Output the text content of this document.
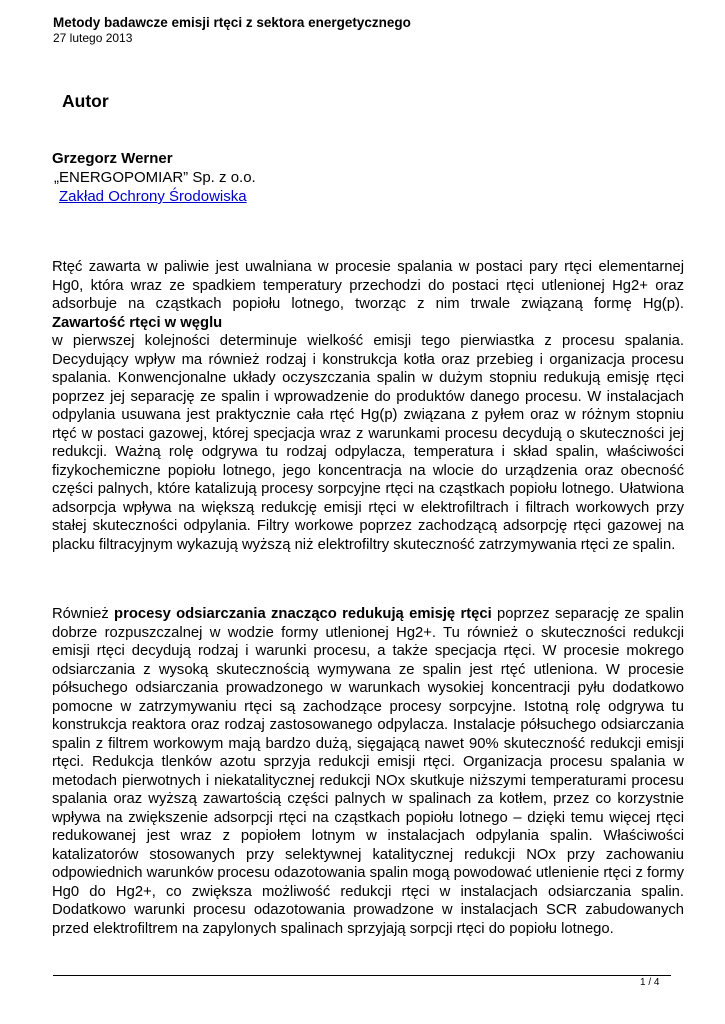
Metody badawcze emisji rtęci z sektora energetycznego
27 lutego 2013
Autor
Grzegorz Werner
„ENERGOPOMIAR” Sp. z o.o.
Zakład Ochrony Środowiska
Rtęć zawarta w paliwie jest uwalniana w procesie spalania w postaci pary rtęci elementarnej Hg0, która wraz ze spadkiem temperatury przechodzi do postaci rtęci utlenionej Hg2+ oraz adsorbuje na cząstkach popiołu lotnego, tworząc z nim trwale związaną formę Hg(p). Zawartość rtęci w węglu
w pierwszej kolejności determinuje wielkość emisji tego pierwiastka z procesu spalania. Decydujący wpływ ma również rodzaj i konstrukcja kotła oraz przebieg i organizacja procesu spalania. Konwencjonalne układy oczyszczania spalin w dużym stopniu redukują emisję rtęci poprzez jej separację ze spalin i wprowadzenie do produktów danego procesu. W instalacjach odpylania usuwana jest praktycznie cała rtęć Hg(p) związana z pyłem oraz w różnym stopniu rtęć w postaci gazowej, której specjacja wraz z warunkami procesu decydują o skuteczności jej redukcji. Ważną rolę odgrywa tu rodzaj odpylacza, temperatura i skład spalin, właściwości fizykochemiczne popiołu lotnego, jego koncentracja na wlocie do urządzenia oraz obecność części palnych, które katalizują procesy sorpcyjne rtęci na cząstkach popiołu lotnego. Ułatwiona adsorpcja wpływa na większą redukcję emisji rtęci w elektrofiltrach i filtrach workowych przy stałej skuteczności odpylania. Filtry workowe poprzez zachodzącą adsorpcję rtęci gazowej na placku filtracyjnym wykazują wyższą niż elektrofiltry skuteczność zatrzymywania rtęci ze spalin.
Również procesy odsiarczania znacząco redukują emisję rtęci poprzez separację ze spalin dobrze rozpuszczalnej w wodzie formy utlenionej Hg2+. Tu również o skuteczności redukcji emisji rtęci decydują rodzaj i warunki procesu, a także specjacja rtęci. W procesie mokrego odsiarczania z wysoką skutecznością wymywana ze spalin jest rtęć utleniona. W procesie półsuchego odsiarczania prowadzonego w warunkach wysokiej koncentracji pyłu dodatkowo pomocne w zatrzymywaniu rtęci są zachodzące procesy sorpcyjne. Istotną rolę odgrywa tu konstrukcja reaktora oraz rodzaj zastosowanego odpylacza. Instalacje półsuchego odsiarczania spalin z filtrem workowym mają bardzo dużą, sięgającą nawet 90% skuteczność redukcji emisji rtęci. Redukcja tlenków azotu sprzyja redukcji emisji rtęci. Organizacja procesu spalania w metodach pierwotnych i niekatalitycznej redukcji NOx skutkuje niższymi temperaturami procesu spalania oraz wyższą zawartością części palnych w spalinach za kotłem, przez co korzystnie wpływa na zwiększenie adsorpcji rtęci na cząstkach popiołu lotnego – dzięki temu więcej rtęci redukowanej jest wraz z popiołem lotnym w instalacjach odpylania spalin. Właściwości katalizatorów stosowanych przy selektywnej katalitycznej redukcji NOx przy zachowaniu odpowiednich warunków procesu odazotowania spalin mogą powodować utlenienie rtęci z formy Hg0 do Hg2+, co zwiększa możliwość redukcji rtęci w instalacjach odsiarczania spalin. Dodatkowo warunki procesu odazotowania prowadzone w instalacjach SCR zabudowanych przed elektrofiltrem na zapylonych spalinach sprzyjają sorpcji rtęci do popiołu lotnego.
1 / 4
